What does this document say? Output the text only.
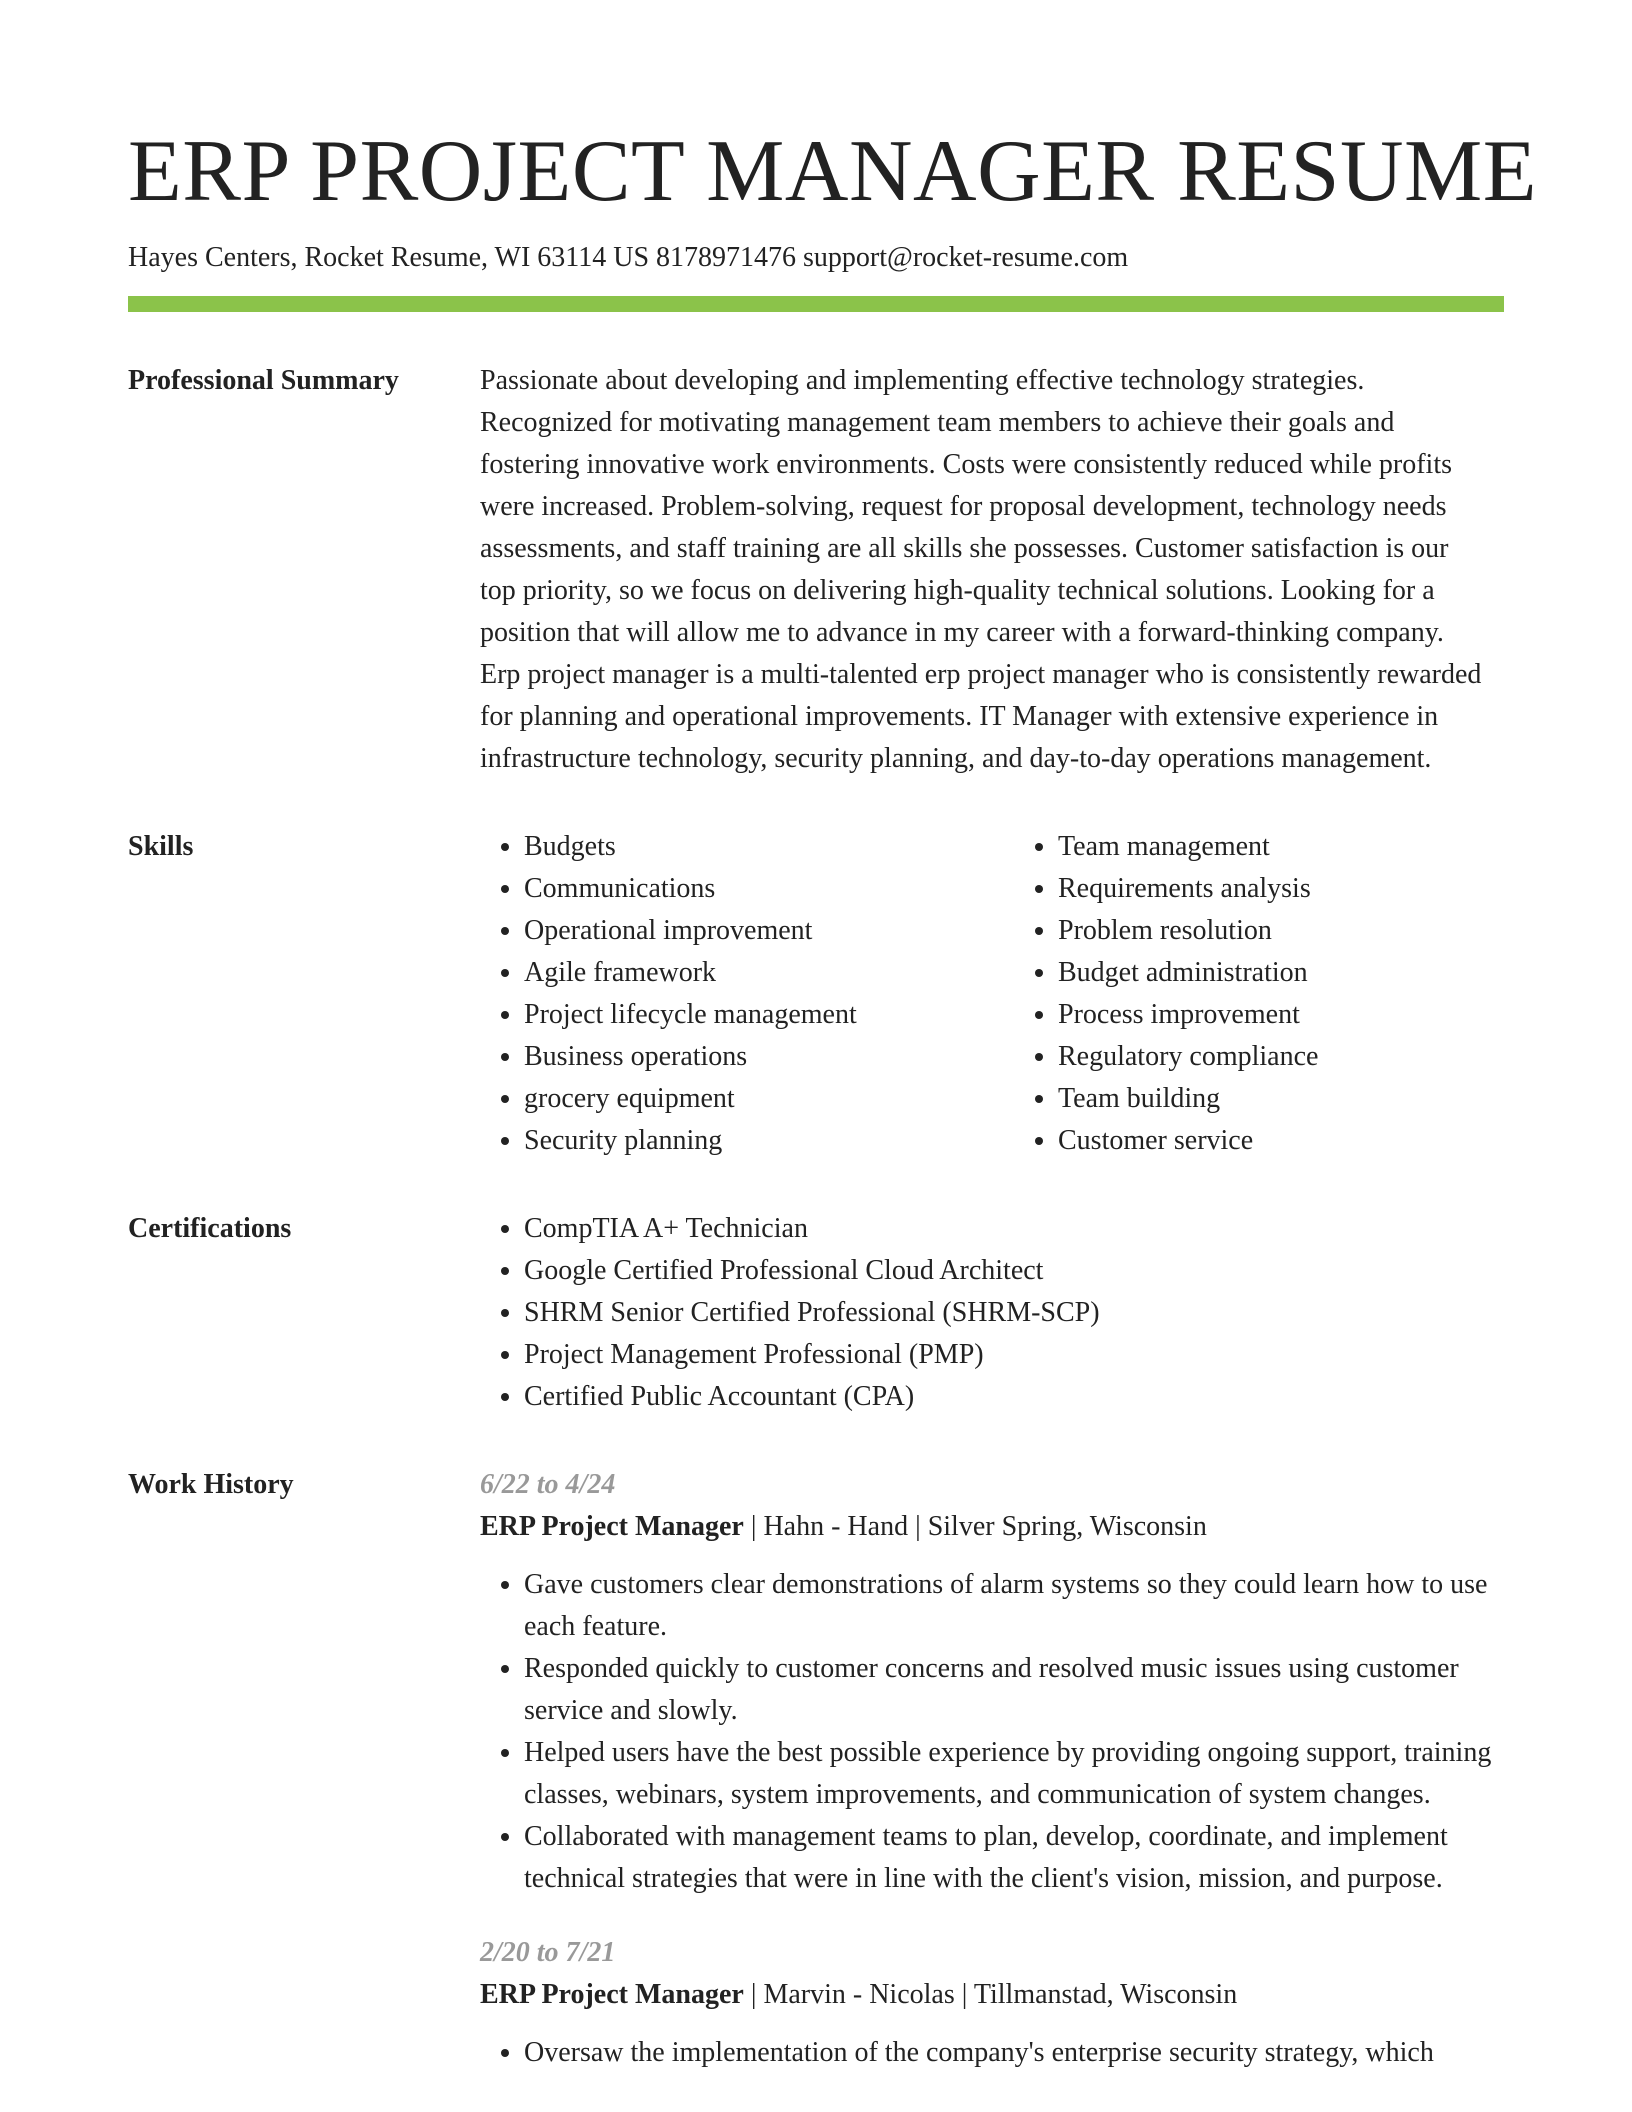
ERP PROJECT MANAGER RESUME
Hayes Centers, Rocket Resume, WI 63114 US 8178971476 support@rocket-resume.com
Professional Summary	Passionate about developing and implementing effective technology strategies. Recognized for motivating management team members to achieve their goals and fostering innovative work environments. Costs were consistently reduced while profits were increased. Problem-solving, request for proposal development, technology needs assessments, and staff training are all skills she possesses. Customer satisfaction is our top priority, so we focus on delivering high-quality technical solutions. Looking for a position that will allow me to advance in my career with a forward-thinking company. Erp project manager is a multi-talented erp project manager who is consistently rewarded for planning and operational improvements. IT Manager with extensive experience in infrastructure technology, security planning, and day-to-day operations management.

Skills	• Budgets
• Communications
• Operational improvement
• Agile framework
• Project lifecycle management
• Business operations
• grocery equipment
• Security planning
• Team management
• Requirements analysis
• Problem resolution
• Budget administration
• Process improvement
• Regulatory compliance
• Team building
• Customer service
Certifications	• CompTIA A+ Technician
• Google Certified Professional Cloud Architect
• SHRM Senior Certified Professional (SHRM-SCP)
• Project Management Professional (PMP)
• Certified Public Accountant (CPA)
Work History	6/22 to 4/24
ERP Project Manager | Hahn - Hand | Silver Spring, Wisconsin
• Gave customers clear demonstrations of alarm systems so they could learn how to use each feature.
• Responded quickly to customer concerns and resolved music issues using customer service and slowly.
• Helped users have the best possible experience by providing ongoing support, training classes, webinars, system improvements, and communication of system changes.
• Collaborated with management teams to plan, develop, coordinate, and implement technical strategies that were in line with the client's vision, mission, and purpose.
2/20 to 7/21
ERP Project Manager | Marvin - Nicolas | Tillmanstad, Wisconsin
• Oversaw the implementation of the company's enterprise security strategy, which
